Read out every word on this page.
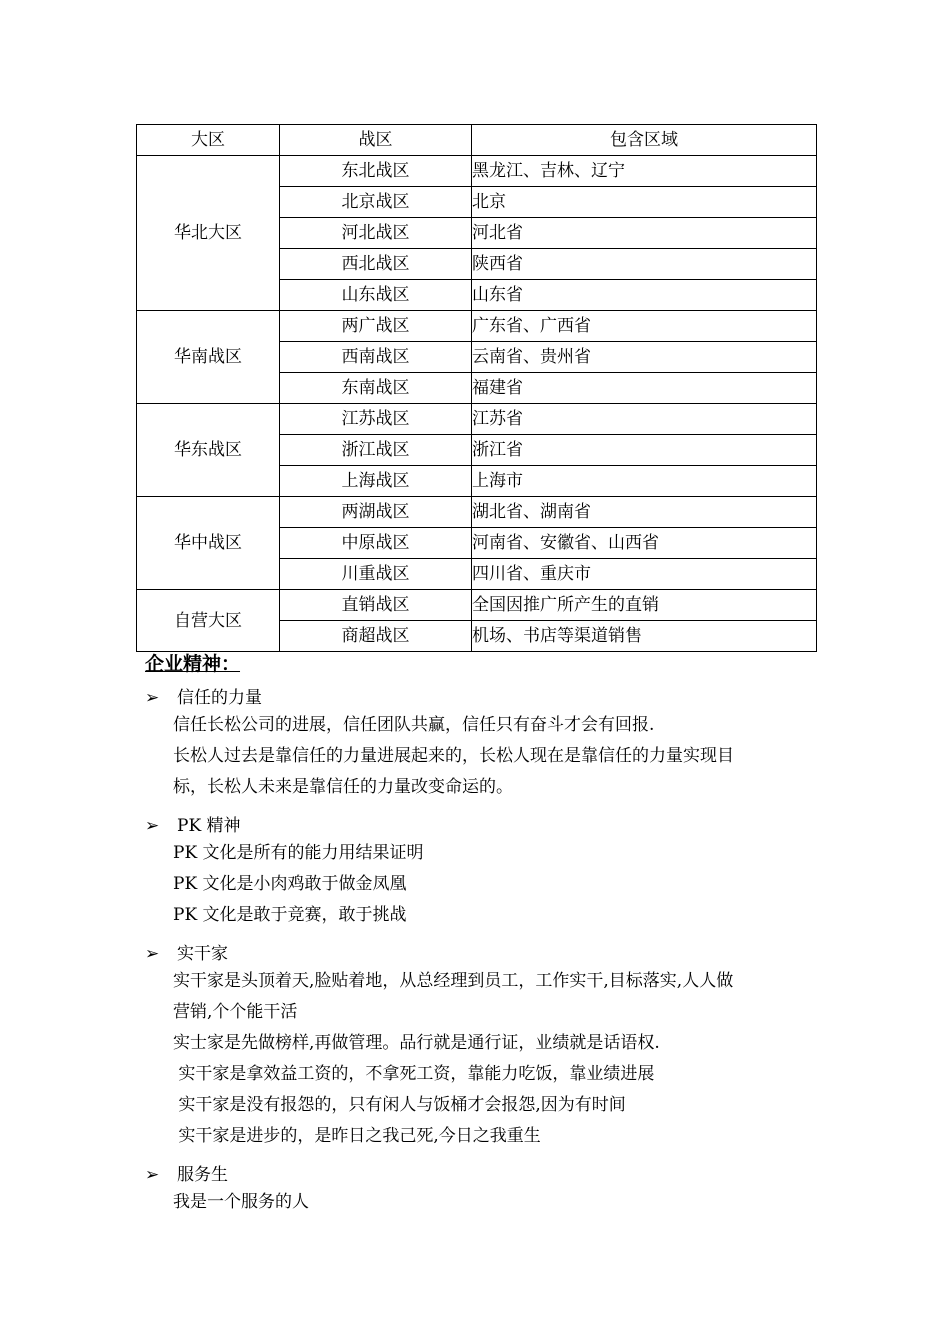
大区	战区	包含区域
华北大区	东北战区	黑龙江、吉林、辽宁
	北京战区	北京
	河北战区	河北省
	西北战区	陕西省
	山东战区	山东省
华南战区	两广战区	广东省、广西省
	西南战区	云南省、贵州省
	东南战区	福建省
华东战区	江苏战区	江苏省
	浙江战区	浙江省
	上海战区	上海市
华中战区	两湖战区	湖北省、湖南省
	中原战区	河南省、安徽省、山西省
	川重战区	四川省、重庆市
自营大区	直销战区	全国因推广所产生的直销
	商超战区	机场、书店等渠道销售
企业精神：
➢ 信任的力量
信任长松公司的进展，信任团队共赢，信任只有奋斗才会有回报.
长松人过去是靠信任的力量进展起来的，长松人现在是靠信任的力量实现目
标，长松人未来是靠信任的力量改变命运的。
➢ PK 精神
PK 文化是所有的能力用结果证明
PK 文化是小肉鸡敢于做金凤凰
PK 文化是敢于竞赛，敢于挑战
➢ 实干家
实干家是头顶着天,脸贴着地，从总经理到员工，工作实干,目标落实,人人做
营销,个个能干活
实士家是先做榜样,再做管理。品行就是通行证，业绩就是话语权.
实干家是拿效益工资的，不拿死工资，靠能力吃饭，靠业绩进展
实干家是没有报怨的，只有闲人与饭桶才会报怨,因为有时间
实干家是进步的，是昨日之我己死,今日之我重生
➢ 服务生
我是一个服务的人
